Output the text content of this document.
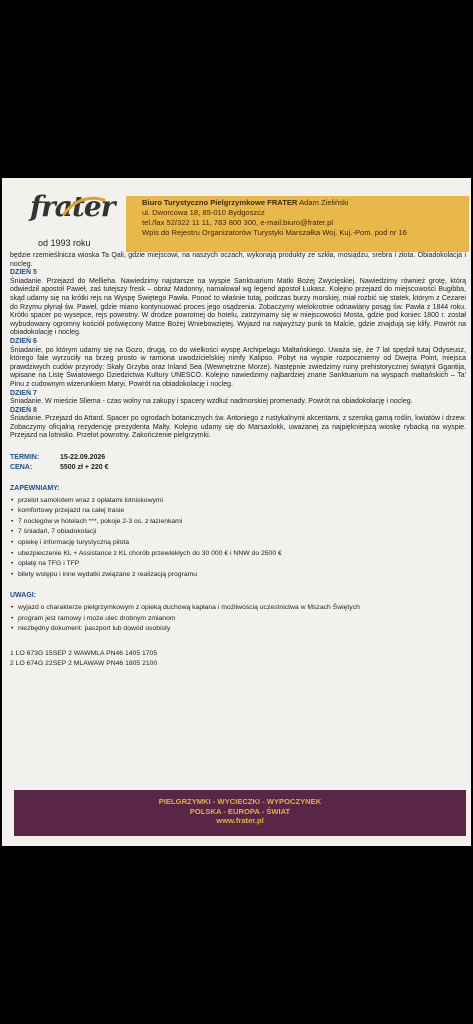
frater
od 1993 roku
Biuro Turystyczno Pielgrzymkowe FRATER Adam Zieliński
ul. Dworcowa 18, 85-010 Bydgoszcz
tel./fax 52/322 11 11, 783 800 300, e-mail:biuro@frater.pl
Wpis do Rejestru Organizatorów Turystyki Marszałka Woj. Kuj.-Pom. pod nr 16

będzie rzemieślnicza wioska Ta Qali, gdzie miejscowi, na naszych oczach, wykonają produkty ze szkła, mosiądzu, srebra i złota. Obiadokolacja i nocleg.

DZIEŃ 5

Śniadanie. Przejazd do Mellieha. Nawiedzimy najstarsze na wyspie Sanktuarium Matki Bożej Zwycięskiej. Nawiedzimy również grotę, którą odwiedził apostoł Paweł, zaś tutejszy fresk – obraz Madonny, namalował wg legend apostoł Łukasz. Kolejno przejazd do miejscowości Bugibba, skąd udamy się na krótki rejs na Wyspę Świętego Pawła. Ponoć to właśnie tutaj, podczas burzy morskiej, miał rozbić się statek, którym z Cezarei do Rzymu płynął św. Paweł, gdzie miano kontynuować proces jego osądzenia. Zobaczymy wielokrotnie odnawiany posąg św. Pawła z 1844 roku. Krótki spacer po wysepce, rejs powrotny. W drodze powrotnej do hotelu, zatrzymamy się w miejscowości Mosta, gdzie pod koniec 1800 r. został wybudowany ogromny kościół poświęcony Matce Bożej Wniebowziętej. Wyjazd na najwyższy punk ta Malcie, gdzie znajdują się klify. Powrót na obiadokolację i nocleg.

DZIEŃ 6

Śniadanie, po którym udamy się na Gozo, drugą, co do wielkości wyspę Archipelagu Maltańskiego. Uważa się, że 7 lat spędził tutaj Odyseusz, którego fale wyrzuciły na brzeg prosto w ramiona uwodzicielskiej nimfy Kalipso. Pobyt na wyspie rozpoczniemy od Dwejra Point, miejsca prawdziwych cudów przyrody: Skały Grzyba oraz Inland Sea (Wewnętrzne Morze). Następnie zwiedzimy ruiny prehistorycznej świątyni Ggantija, wpisane na Listę Światowego Dziedzictwa Kultury UNESCO. Kolejno nawiedzimy najbardziej znane Sanktuarium na wyspach maltańskich – Ta' Pinu z cudownym wizerunkiem Maryi. Powrót na obiadokolację i nocleg.

DZIEŃ 7

Śniadanie. W mieście Sliema - czas wolny na zakupy i spacery wzdłuż nadmorskiej promenady. Powrót na obiadokolację i nocleg.

DZIEŃ 8

Śniadanie. Przejazd do Attard. Spacer po ogrodach botanicznych św. Antoniego z rustykalnymi akcentami, z szeroką gamą roślin, kwiatów i drzew. Zobaczymy oficjalną rezydencję prezydenta Malty. Kolejno udamy się do Marsaxlokk, uważanej za najpiękniejszą wioskę rybacką na wyspie. Przejazd na lotnisko. Przelot powrotny. Zakończenie pielgrzymki.

TERMIN:	15-22.09.2026
CENA:	5500 zł + 220 €
ZAPEWNIAMY:
• przelot samolotem wraz z opłatami lotniskowymi
• komfortowy przejazd na całej trasie
• 7 noclegów w hotelach ***, pokoje 2-3 os. z łazienkami
• 7 śniadań, 7 obiadokolacji
• opiekę i informację turystyczną pilota
• ubezpieczenie KL + Assistance z KL chorób przewlekłych do 30 000 € i NNW do 2500 €
• opłatę na TFG i TFP
• bilety wstępu i inne wydatki związane z realizacją programu
UWAGI:
• wyjazd o charakterze pielgrzymkowym z opieką duchową kapłana i możliwością uczestnictwa w Mszach Świętych
• program jest ramowy i może ulec drobnym zmianom
• niezbędny dokument: paszport lub dowód osobisty
1 LO 673G 15SEP 2 WAWMLA PN46 1405 1705
2 LO 674G 22SEP 2 MLAWAW PN46 1805 2100
PIELGRZYMKI - WYCIECZKI - WYPOCZYNEK
POLSKA - EUROPA - ŚWIAT
www.frater.pl
